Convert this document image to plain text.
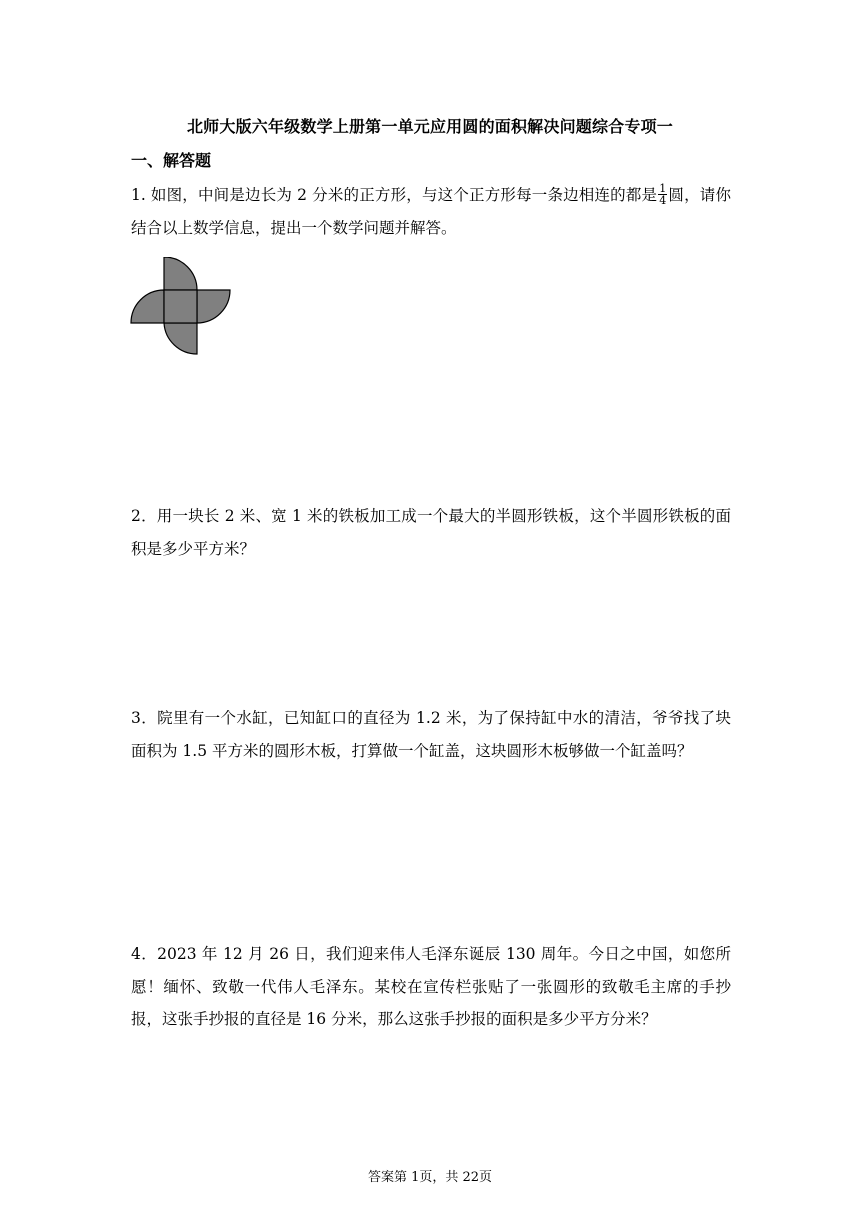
北师大版六年级数学上册第一单元应用圆的面积解决问题综合专项一
一、解答题

1. 如图，中间是边长为 2 分米的正方形，与这个正方形每一条边相连的都是 $\frac{1}{4}$ 圆，请你结合以上数学信息，提出一个数学问题并解答。

2．用一块长 2 米、宽 1 米的铁板加工成一个最大的半圆形铁板，这个半圆形铁板的面积是多少平方米？

3．院里有一个水缸，已知缸口的直径为 1.2 米，为了保持缸中水的清洁，爷爷找了块面积为 1.5 平方米的圆形木板，打算做一个缸盖，这块圆形木板够做一个缸盖吗？

4．2023 年 12 月 26 日，我们迎来伟人毛泽东诞辰 130 周年。今日之中国，如您所愿！缅怀、致敬一代伟人毛泽东。某校在宣传栏张贴了一张圆形的致敬毛主席的手抄报，这张手抄报的直径是 16 分米，那么这张手抄报的面积是多少平方分米？

答案第 1页，共 22页
